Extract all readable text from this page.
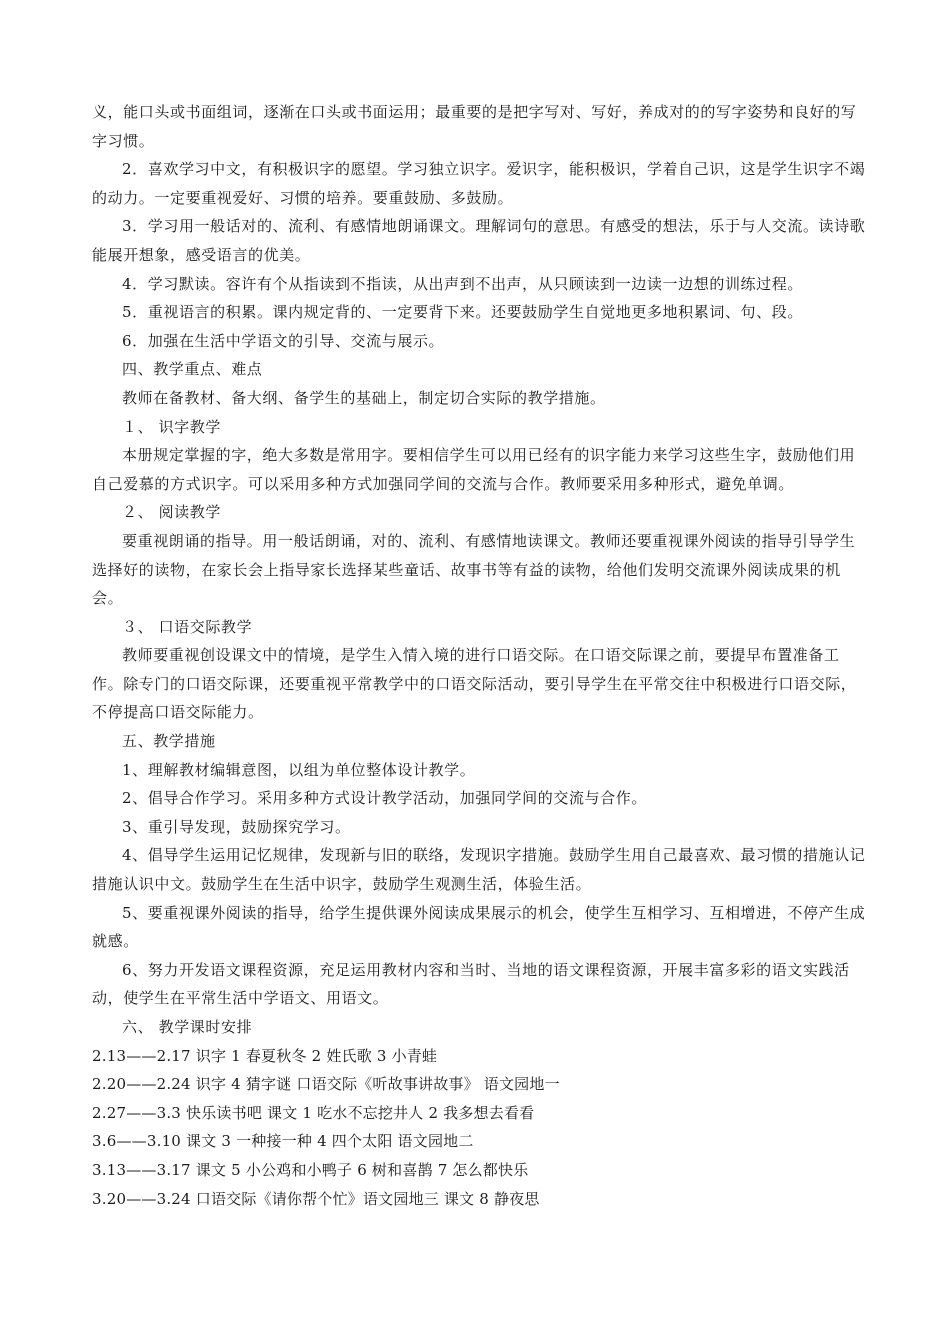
义，能口头或书面组词，逐渐在口头或书面运用；最重要的是把字写对、写好，养成对的的写字姿势和良好的写字习惯。

2．喜欢学习中文，有积极识字的愿望。学习独立识字。爱识字，能积极识，学着自己识，这是学生识字不竭的动力。一定要重视爱好、习惯的培养。要重鼓励、多鼓励。

3．学习用一般话对的、流利、有感情地朗诵课文。理解词句的意思。有感受的想法，乐于与人交流。读诗歌能展开想象，感受语言的优美。

4．学习默读。容许有个从指读到不指读，从出声到不出声，从只顾读到一边读一边想的训练过程。

5．重视语言的积累。课内规定背的、一定要背下来。还要鼓励学生自觉地更多地积累词、句、段。

6．加强在生活中学语文的引导、交流与展示。

四、教学重点、难点

教师在备教材、备大纲、备学生的基础上，制定切合实际的教学措施。

１、 识字教学

本册规定掌握的字，绝大多数是常用字。要相信学生可以用已经有的识字能力来学习这些生字，鼓励他们用自己爱慕的方式识字。可以采用多种方式加强同学间的交流与合作。教师要采用多种形式，避免单调。

２、 阅读教学

要重视朗诵的指导。用一般话朗诵，对的、流利、有感情地读课文。教师还要重视课外阅读的指导引导学生选择好的读物，在家长会上指导家长选择某些童话、故事书等有益的读物，给他们发明交流课外阅读成果的机会。

３、 口语交际教学

教师要重视创设课文中的情境，是学生入情入境的进行口语交际。在口语交际课之前，要提早布置准备工作。除专门的口语交际课，还要重视平常教学中的口语交际活动，要引导学生在平常交往中积极进行口语交际，不停提高口语交际能力。

五、教学措施

1、理解教材编辑意图，以组为单位整体设计教学。

2、倡导合作学习。采用多种方式设计教学活动，加强同学间的交流与合作。

3、重引导发现，鼓励探究学习。

4、倡导学生运用记忆规律，发现新与旧的联络，发现识字措施。鼓励学生用自己最喜欢、最习惯的措施认记措施认识中文。鼓励学生在生活中识字，鼓励学生观测生活，体验生活。

5、要重视课外阅读的指导，给学生提供课外阅读成果展示的机会，使学生互相学习、互相增进，不停产生成就感。

6、努力开发语文课程资源，充足运用教材内容和当时、当地的语文课程资源，开展丰富多彩的语文实践活动，使学生在平常生活中学语文、用语文。

六、 教学课时安排

2.13——2.17 识字 1 春夏秋冬 2 姓氏歌 3 小青蛙

2.20——2.24 识字 4 猜字谜 口语交际《听故事讲故事》 语文园地一

2.27——3.3 快乐读书吧 课文 1 吃水不忘挖井人 2 我多想去看看

3.6——3.10 课文 3 一种接一种 4 四个太阳 语文园地二

3.13——3.17 课文 5 小公鸡和小鸭子 6 树和喜鹊 7 怎么都快乐

3.20——3.24 口语交际《请你帮个忙》语文园地三 课文 8 静夜思
